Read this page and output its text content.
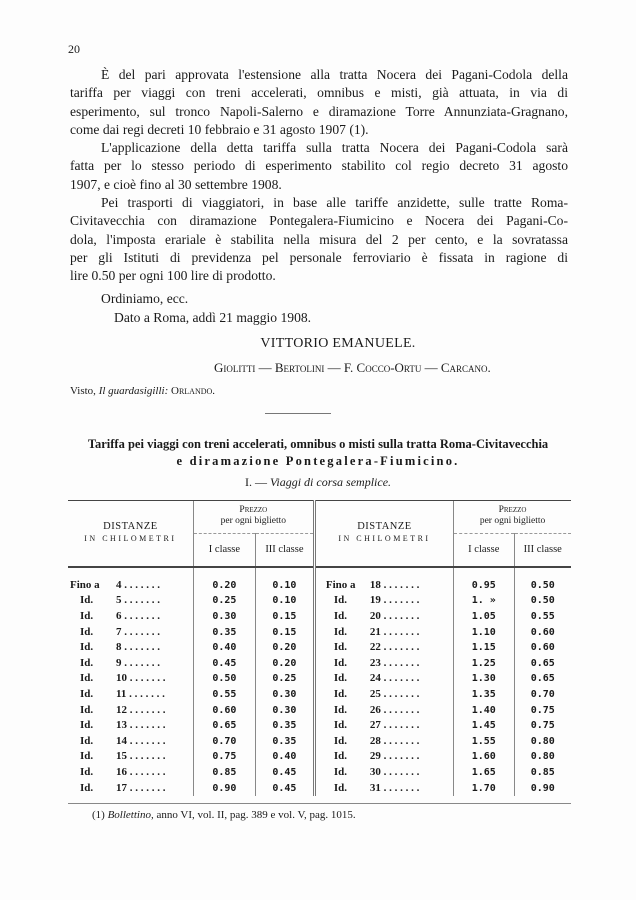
20
È del pari approvata l'estensione alla tratta Nocera dei Pagani-Codola della
tariffa per viaggi con treni accelerati, omnibus e misti, già attuata, in via di
esperimento, sul tronco Napoli-Salerno e diramazione Torre Annunziata-Gragnano,
come dai regi decreti 10 febbraio e 31 agosto 1907 (1).
L'applicazione della detta tariffa sulla tratta Nocera dei Pagani-Codola sarà
fatta per lo stesso periodo di esperimento stabilito col regio decreto 31 agosto
1907, e cioè fino al 30 settembre 1908.
Pei trasporti di viaggiatori, in base alle tariffe anzidette, sulle tratte Roma-
Civitavecchia con diramazione Pontegalera-Fiumicino e Nocera dei Pagani-Co-
dola, l'imposta erariale è stabilita nella misura del 2 per cento, e la sovratassa
per gli Istituti di previdenza pel personale ferroviario è fissata in ragione di
lire 0.50 per ogni 100 lire di prodotto.
Ordiniamo, ecc.
Dato a Roma, addì 21 maggio 1908.
VITTORIO EMANUELE.
Giolitti — Bertolini — F. Cocco-Ortu — Carcano.
Visto, Il guardasigilli: Orlando.
Tariffa pei viaggi con treni accelerati, omnibus o misti sulla tratta Roma-Civitavecchia
e diramazione Pontegalera-Fiumicino.
I. — Viaggi di corsa semplice.
DISTANZE	Prezzo
per ogni biglietto		DISTANZE	Prezzo
per ogni biglietto	
IN CHILOMETRI	I classe	III classe	IN CHILOMETRI	I classe	III classe

Fino a 4 . . . . . . .	0.20	0.10	Fino a 18 . . . . . . .	0.95	0.50
Id. 5 . . . . . . .	0.25	0.10	Id. 19 . . . . . . .	1. »	0.50
Id. 6 . . . . . . .	0.30	0.15	Id. 20 . . . . . . .	1.05	0.55
Id. 7 . . . . . . .	0.35	0.15	Id. 21 . . . . . . .	1.10	0.60
Id. 8 . . . . . . .	0.40	0.20	Id. 22 . . . . . . .	1.15	0.60
Id. 9 . . . . . . .	0.45	0.20	Id. 23 . . . . . . .	1.25	0.65
Id. 10 . . . . . . .	0.50	0.25	Id. 24 . . . . . . .	1.30	0.65
Id. 11 . . . . . . .	0.55	0.30	Id. 25 . . . . . . .	1.35	0.70
Id. 12 . . . . . . .	0.60	0.30	Id. 26 . . . . . . .	1.40	0.75
Id. 13 . . . . . . .	0.65	0.35	Id. 27 . . . . . . .	1.45	0.75
Id. 14 . . . . . . .	0.70	0.35	Id. 28 . . . . . . .	1.55	0.80
Id. 15 . . . . . . .	0.75	0.40	Id. 29 . . . . . . .	1.60	0.80
Id. 16 . . . . . . .	0.85	0.45	Id. 30 . . . . . . .	1.65	0.85
Id. 17 . . . . . . .	0.90	0.45	Id. 31 . . . . . . .	1.70	0.90
(1) Bollettino, anno VI, vol. II, pag. 389 e vol. V, pag. 1015.
